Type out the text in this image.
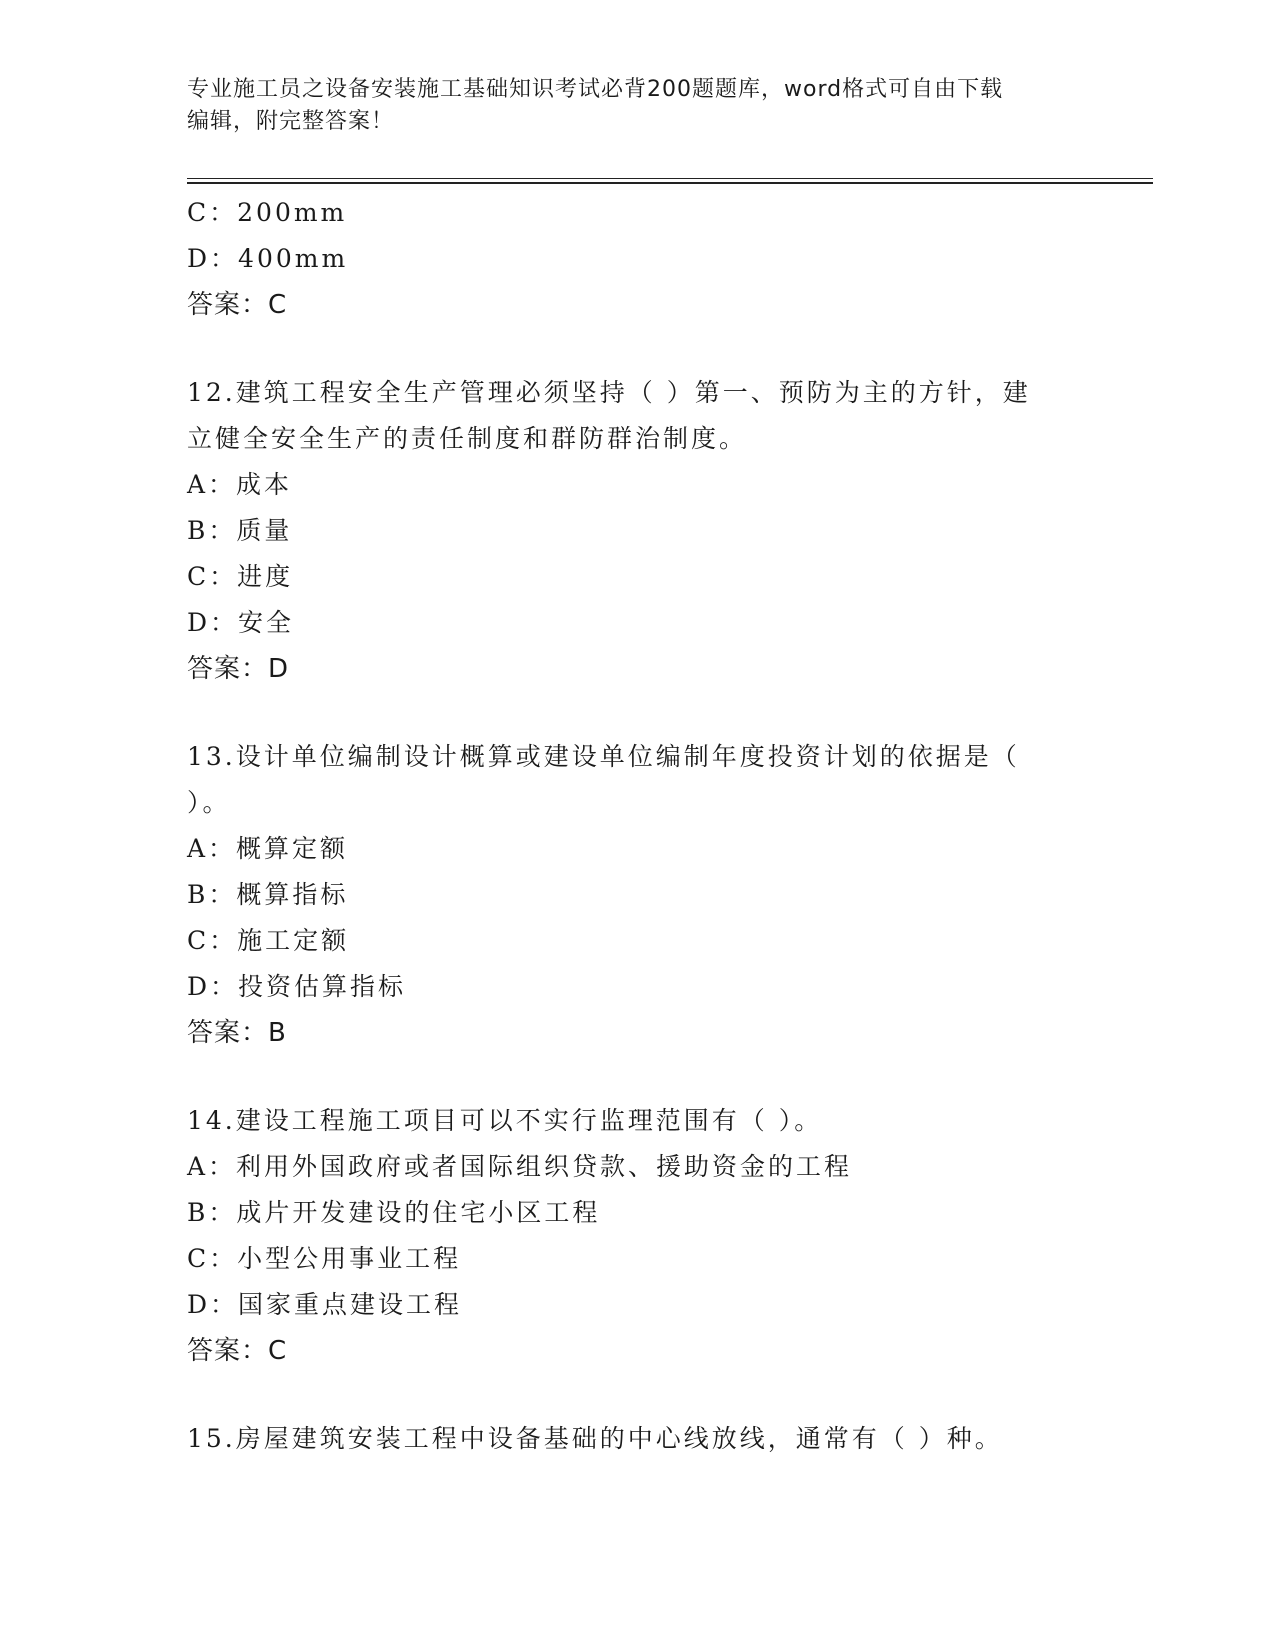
专业施工员之设备安装施工基础知识考试必背200题题库，word格式可自由下载
编辑，附完整答案！
C：200mm
D：400mm
答案：C
12.建筑工程安全生产管理必须坚持（ ）第一、预防为主的方针，建
立健全安全生产的责任制度和群防群治制度。
A：成本
B：质量
C：进度
D：安全
答案：D
13.设计单位编制设计概算或建设单位编制年度投资计划的依据是（
）。
A：概算定额
B：概算指标
C：施工定额
D：投资估算指标
答案：B
14.建设工程施工项目可以不实行监理范围有（ ）。
A：利用外国政府或者国际组织贷款、援助资金的工程
B：成片开发建设的住宅小区工程
C：小型公用事业工程
D：国家重点建设工程
答案：C
15.房屋建筑安装工程中设备基础的中心线放线，通常有（ ）种。
